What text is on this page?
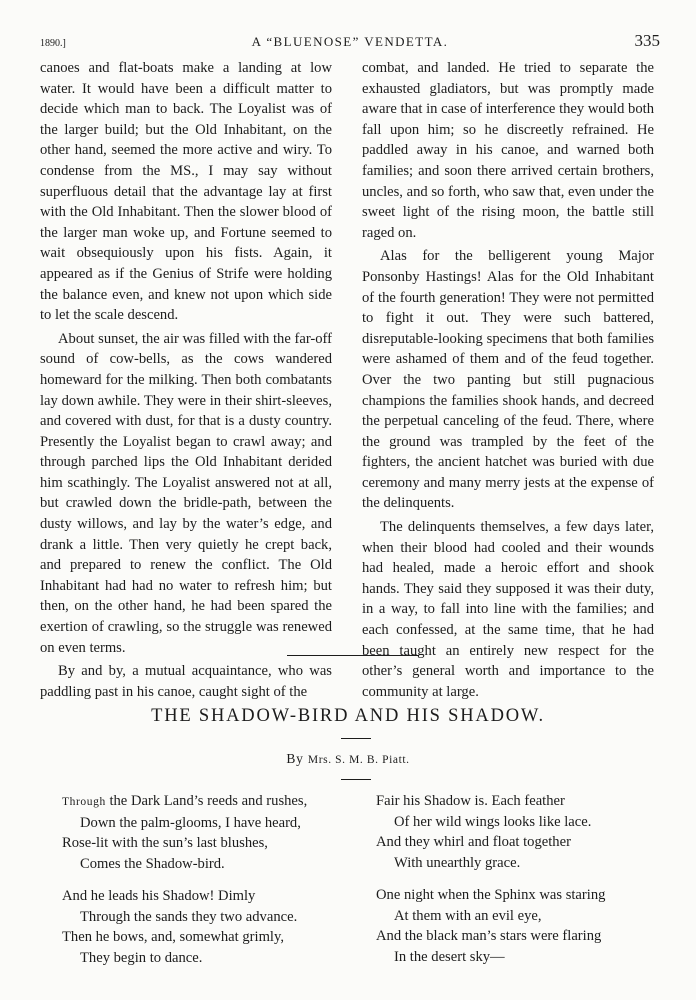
1890.]	A “BLUENOSE” VENDETTA.	335

canoes and flat-boats make a landing at low water. It would have been a difficult matter to decide which man to back. The Loyalist was of the larger build; but the Old Inhabitant, on the other hand, seemed the more active and wiry. To condense from the MS., I may say without superfluous detail that the advantage lay at first with the Old Inhabitant. Then the slower blood of the larger man woke up, and Fortune seemed to wait obsequiously upon his fists. Again, it appeared as if the Genius of Strife were holding the balance even, and knew not upon which side to let the scale descend.

About sunset, the air was filled with the far-off sound of cow-bells, as the cows wandered homeward for the milking. Then both combatants lay down awhile. They were in their shirt-sleeves, and covered with dust, for that is a dusty country. Presently the Loyalist began to crawl away; and through parched lips the Old Inhabitant derided him scathingly. The Loyalist answered not at all, but crawled down the bridle-path, between the dusty willows, and lay by the water’s edge, and drank a little. Then very quietly he crept back, and prepared to renew the conflict. The Old Inhabitant had had no water to refresh him; but then, on the other hand, he had been spared the exertion of crawling, so the struggle was renewed on even terms.

By and by, a mutual acquaintance, who was paddling past in his canoe, caught sight of the

combat, and landed. He tried to separate the exhausted gladiators, but was promptly made aware that in case of interference they would both fall upon him; so he discreetly refrained. He paddled away in his canoe, and warned both families; and soon there arrived certain brothers, uncles, and so forth, who saw that, even under the sweet light of the rising moon, the battle still raged on.

Alas for the belligerent young Major Ponsonby Hastings! Alas for the Old Inhabitant of the fourth generation! They were not permitted to fight it out. They were such battered, disreputable-looking specimens that both families were ashamed of them and of the feud together. Over the two panting but still pugnacious champions the families shook hands, and decreed the perpetual canceling of the feud. There, where the ground was trampled by the feet of the fighters, the ancient hatchet was buried with due ceremony and many merry jests at the expense of the delinquents.

The delinquents themselves, a few days later, when their blood had cooled and their wounds had healed, made a heroic effort and shook hands. They said they supposed it was their duty, in a way, to fall into line with the families; and each confessed, at the same time, that he had been taught an entirely new respect for the other’s general worth and importance to the community at large.

THE SHADOW-BIRD AND HIS SHADOW.
By Mrs. S. M. B. Piatt.
Through the Dark Land’s reeds and rushes,
Down the palm-glooms, I have heard,
Rose-lit with the sun’s last blushes,
Comes the Shadow-bird.
And he leads his Shadow! Dimly
Through the sands they two advance.
Then he bows, and, somewhat grimly,
They begin to dance.
Fair his Shadow is. Each feather
Of her wild wings looks like lace.
And they whirl and float together
With unearthly grace.
One night when the Sphinx was staring
At them with an evil eye,
And the black man’s stars were flaring
In the desert sky—
